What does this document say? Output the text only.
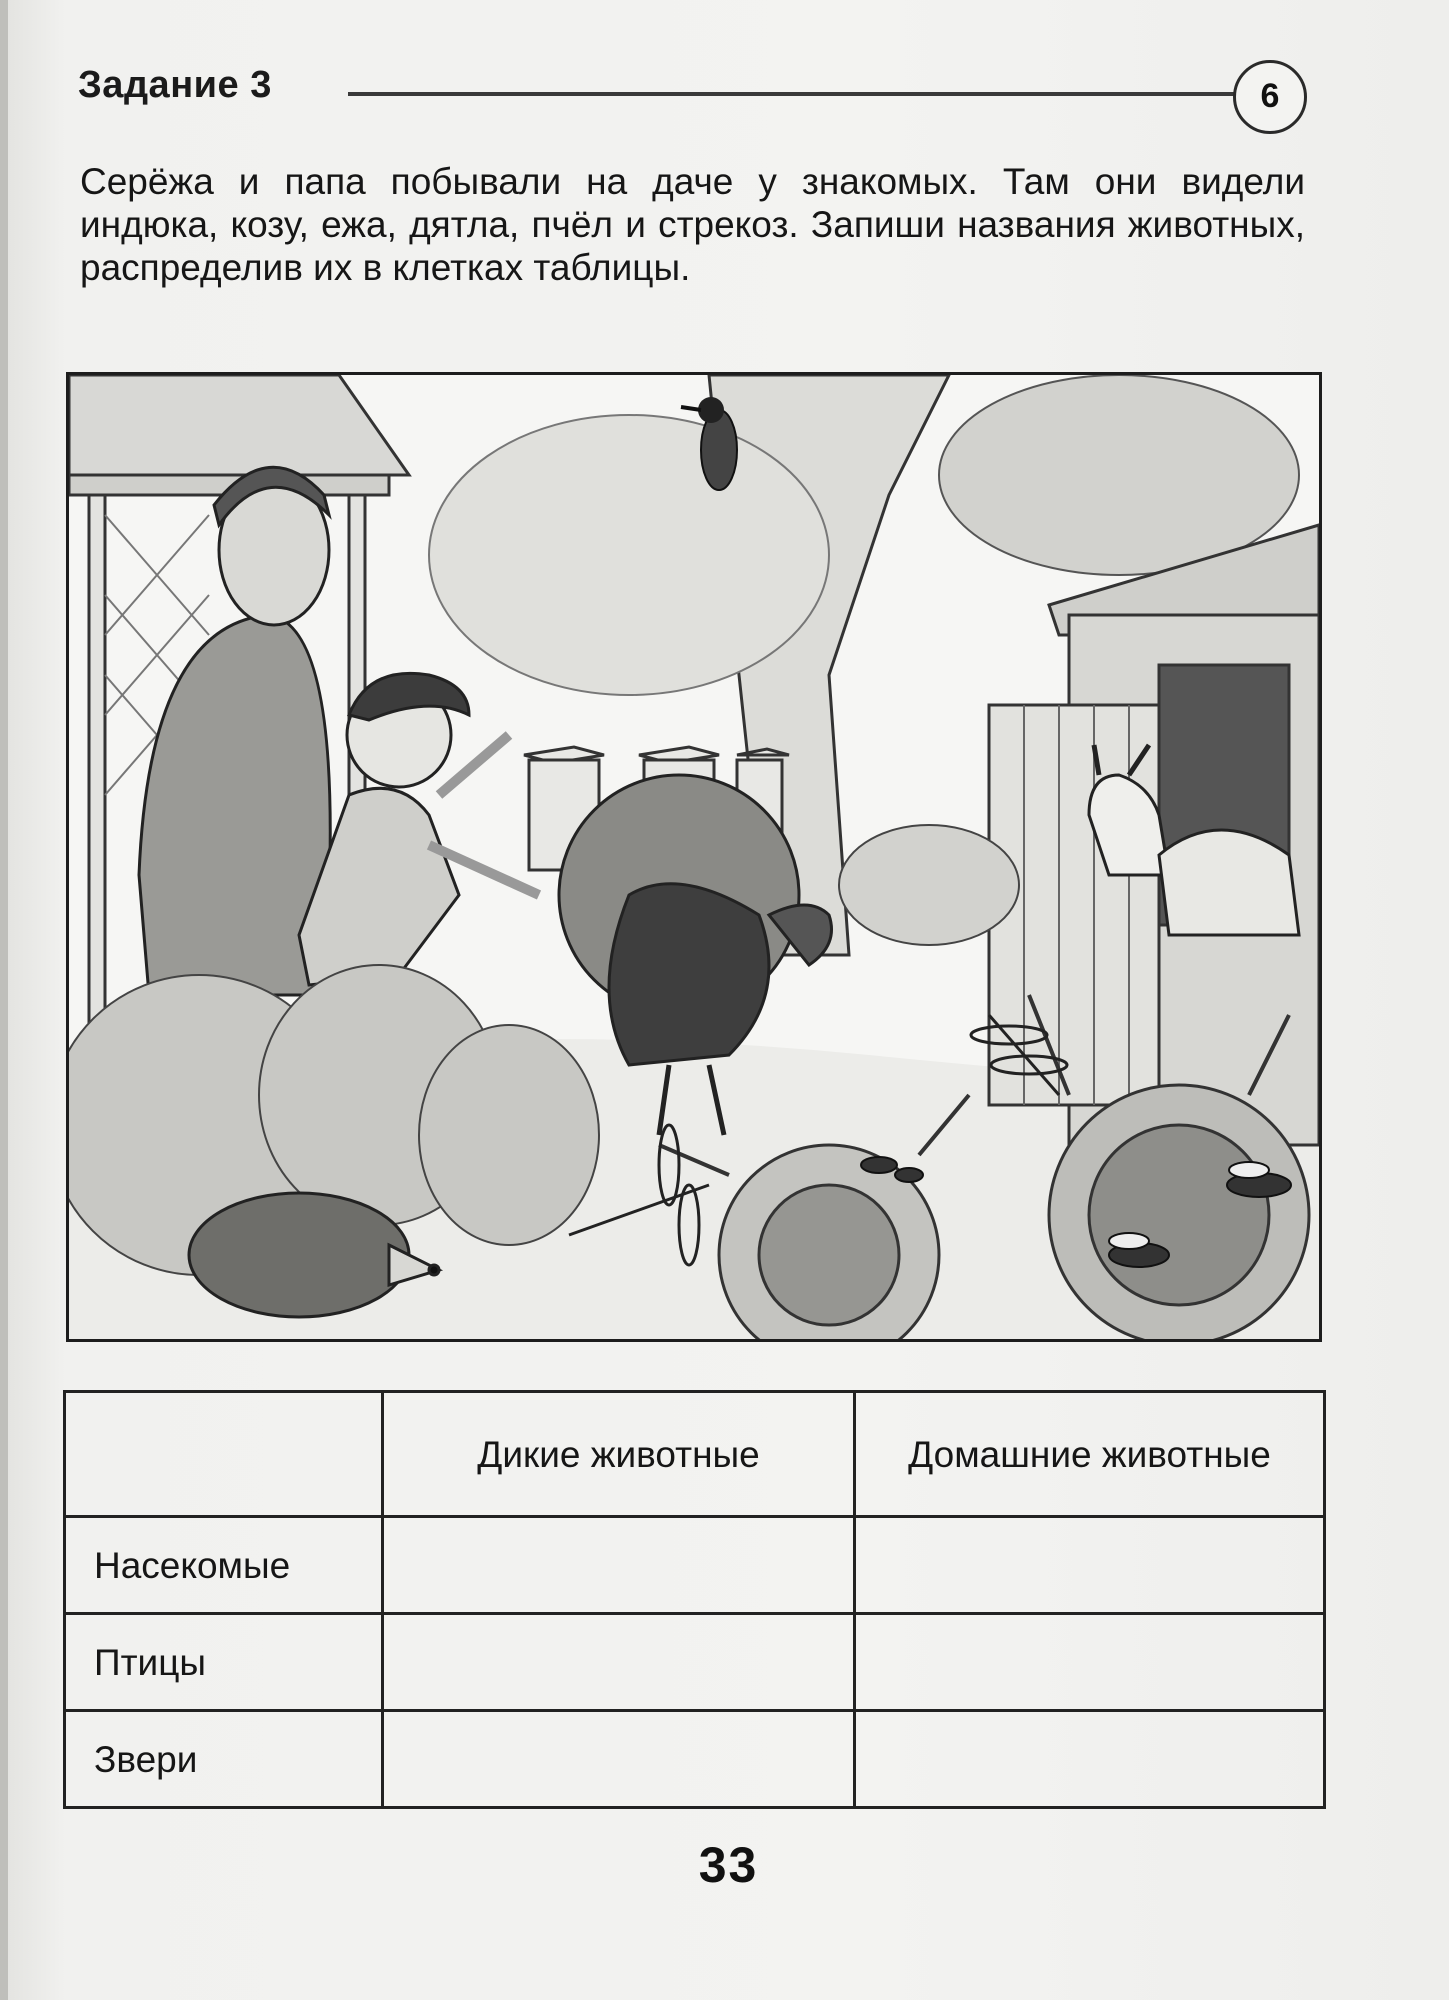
Задание 3	6

Серёжа и папа побывали на даче у знакомых. Там они видели индюка, козу, ежа, дятла, пчёл и стрекоз. Запиши названия животных, распределив их в клетках таблицы.

	Дикие животные	Домашние животные
Насекомые		
Птицы		
Звери		
33
